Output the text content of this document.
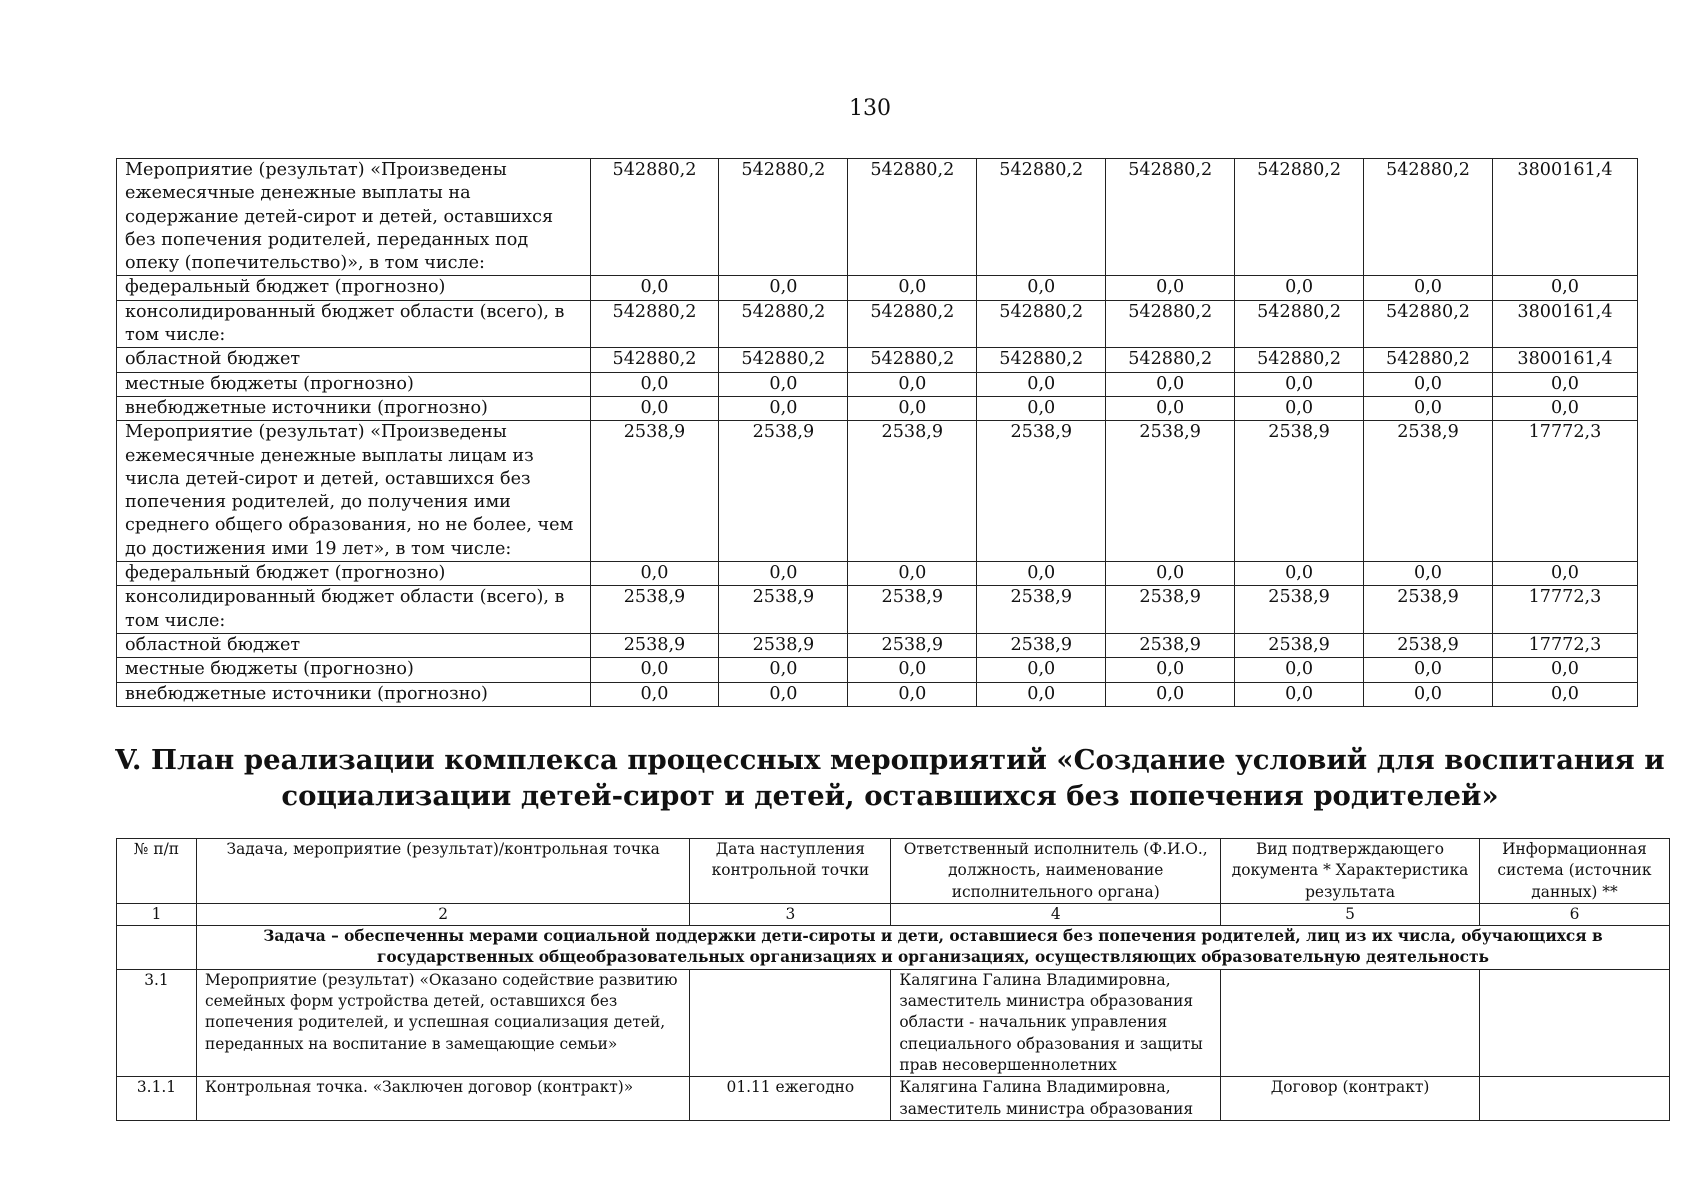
130
Мероприятие (результат) «Произведены ежемесячные денежные выплаты на содержание детей-сирот и детей, оставшихся без попечения родителей, переданных под опеку (попечительство)», в том числе:	542880,2	542880,2	542880,2	542880,2	542880,2	542880,2	542880,2	3800161,4
федеральный бюджет (прогнозно)	0,0	0,0	0,0	0,0	0,0	0,0	0,0	0,0
консолидированный бюджет области (всего), в том числе:	542880,2	542880,2	542880,2	542880,2	542880,2	542880,2	542880,2	3800161,4
областной бюджет	542880,2	542880,2	542880,2	542880,2	542880,2	542880,2	542880,2	3800161,4
местные бюджеты (прогнозно)	0,0	0,0	0,0	0,0	0,0	0,0	0,0	0,0
внебюджетные источники (прогнозно)	0,0	0,0	0,0	0,0	0,0	0,0	0,0	0,0
Мероприятие (результат) «Произведены ежемесячные денежные выплаты лицам из числа детей-сирот и детей, оставшихся без попечения родителей, до получения ими среднего общего образования, но не более, чем до достижения ими 19 лет», в том числе:	2538,9	2538,9	2538,9	2538,9	2538,9	2538,9	2538,9	17772,3
федеральный бюджет (прогнозно)	0,0	0,0	0,0	0,0	0,0	0,0	0,0	0,0
консолидированный бюджет области (всего), в том числе:	2538,9	2538,9	2538,9	2538,9	2538,9	2538,9	2538,9	17772,3
областной бюджет	2538,9	2538,9	2538,9	2538,9	2538,9	2538,9	2538,9	17772,3
местные бюджеты (прогнозно)	0,0	0,0	0,0	0,0	0,0	0,0	0,0	0,0
внебюджетные источники (прогнозно)	0,0	0,0	0,0	0,0	0,0	0,0	0,0	0,0
V. План реализации комплекса процессных мероприятий «Создание условий для воспитания и социализации детей-сирот и детей, оставшихся без попечения родителей»
№ п/п	Задача, мероприятие (результат)/контрольная точка	Дата наступления контрольной точки	Ответственный исполнитель (Ф.И.О., должность, наименование исполнительного органа)	Вид подтверждающего документа * Характеристика результата	Информационная система (источник данных) **
1	2	3	4	5	6
	Задача – обеспеченны мерами социальной поддержки дети-сироты и дети, оставшиеся без попечения родителей, лиц из их числа, обучающихся в государственных общеобразовательных организациях и организациях, осуществляющих образовательную деятельность				
3.1	Мероприятие (результат) «Оказано содействие развитию семейных форм устройства детей, оставшихся без попечения родителей, и успешная социализация детей, переданных на воспитание в замещающие семьи»		Калягина Галина Владимировна, заместитель министра образования области - начальник управления специального образования и защиты прав несовершеннолетних		
3.1.1	Контрольная точка. «Заключен договор (контракт)»	01.11 ежегодно	Калягина Галина Владимировна, заместитель министра образования	Договор (контракт)	
